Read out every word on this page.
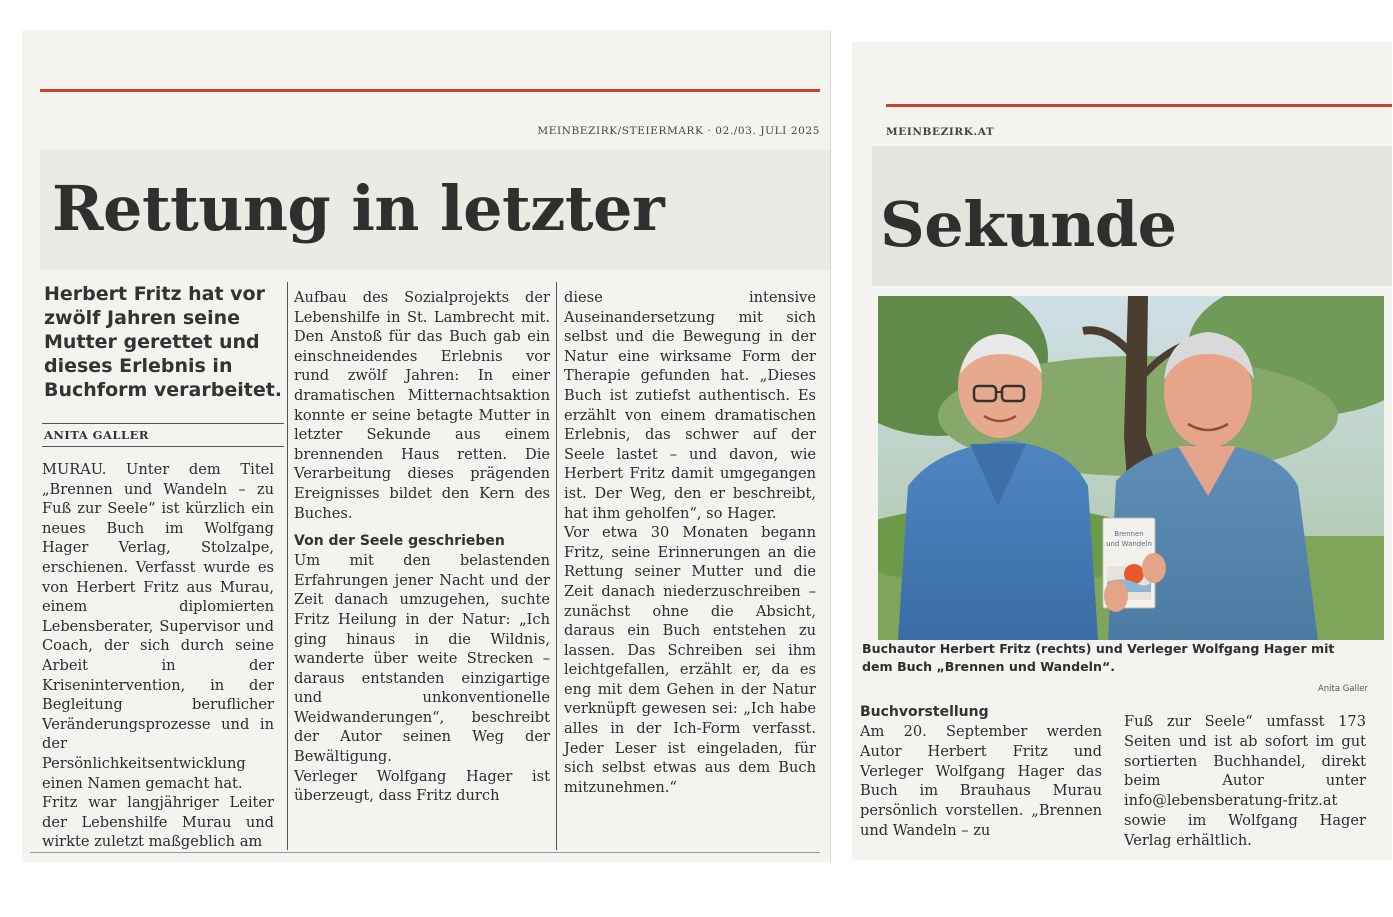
MEINBEZIRK/STEIERMARK · 02./03. JULI 2025
Rettung in letzter
Herbert Fritz hat vor zwölf Jahren seine Mutter gerettet und dieses Erlebnis in Buchform verarbeitet.
ANITA GALLER

MURAU. Unter dem Titel „Brennen und Wandeln – zu Fuß zur Seele“ ist kürzlich ein neues Buch im Wolfgang Hager Verlag, Stolzalpe, erschienen. Verfasst wurde es von Herbert Fritz aus Murau, einem diplomierten Lebensberater, Supervisor und Coach, der sich durch seine Arbeit in der Krisenintervention, in der Begleitung beruflicher Veränderungsprozesse und in der Persönlichkeitsentwicklung einen Namen gemacht hat.

Fritz war langjähriger Leiter der Lebenshilfe Murau und wirkte zuletzt maßgeblich am

Aufbau des Sozialprojekts der Lebenshilfe in St. Lambrecht mit. Den Anstoß für das Buch gab ein einschneidendes Erlebnis vor rund zwölf Jahren: In einer dramatischen Mitternachtsaktion konnte er seine betagte Mutter in letzter Sekunde aus einem brennenden Haus retten. Die Verarbeitung dieses prägenden Ereignisses bildet den Kern des Buches.

Von der Seele geschrieben

Um mit den belastenden Erfahrungen jener Nacht und der Zeit danach umzugehen, suchte Fritz Heilung in der Natur: „Ich ging hinaus in die Wildnis, wanderte über weite Strecken – daraus entstanden einzigartige und unkonventionelle Weidwanderungen“, beschreibt der Autor seinen Weg der Bewältigung.

Verleger Wolfgang Hager ist überzeugt, dass Fritz durch

diese intensive Auseinandersetzung mit sich selbst und die Bewegung in der Natur eine wirksame Form der Therapie gefunden hat. „Dieses Buch ist zutiefst authentisch. Es erzählt von einem dramatischen Erlebnis, das schwer auf der Seele lastet – und davon, wie Herbert Fritz damit umgegangen ist. Der Weg, den er beschreibt, hat ihm geholfen“, so Hager.

Vor etwa 30 Monaten begann Fritz, seine Erinnerungen an die Rettung seiner Mutter und die Zeit danach niederzuschreiben – zunächst ohne die Absicht, daraus ein Buch entstehen zu lassen. Das Schreiben sei ihm leichtgefallen, erzählt er, da es eng mit dem Gehen in der Natur verknüpft gewesen sei: „Ich habe alles in der Ich-Form verfasst. Jeder Leser ist eingeladen, für sich selbst etwas aus dem Buch mitzunehmen.“

MEINBEZIRK.AT
Sekunde
Brennen
und Wandeln
Buchautor Herbert Fritz (rechts) und Verleger Wolfgang Hager mit dem Buch „Brennen und Wandeln“.
Anita Galler
Buchvorstellung

Am 20. September werden Autor Herbert Fritz und Verleger Wolfgang Hager das Buch im Brauhaus Murau persönlich vorstellen. „Brennen und Wandeln – zu

Fuß zur Seele“ umfasst 173 Seiten und ist ab sofort im gut sortierten Buchhandel, direkt beim Autor unter info@lebensberatung-fritz.at sowie im Wolfgang Hager Verlag erhältlich.
